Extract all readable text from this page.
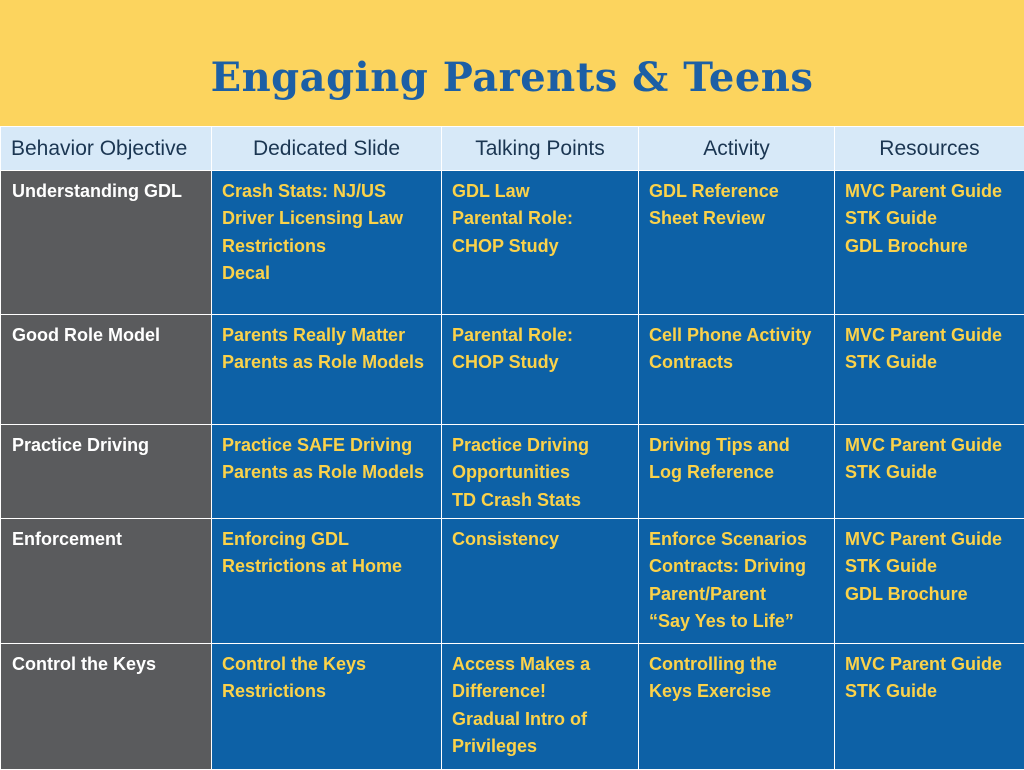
Engaging Parents & Teens
Behavior Objective	Dedicated Slide	Talking Points	Activity	Resources

Understanding GDL	Crash Stats: NJ/US
Driver Licensing Law
Restrictions
Decal	GDL Law
Parental Role:
CHOP Study	GDL Reference
Sheet Review	MVC Parent Guide
STK Guide
GDL Brochure

Good Role Model	Parents Really Matter
Parents as Role Models	Parental Role:
CHOP Study	Cell Phone Activity
Contracts	MVC Parent Guide
STK Guide

Practice Driving	Practice SAFE Driving
Parents as Role Models	Practice Driving
Opportunities
TD Crash Stats	Driving Tips and
Log Reference	MVC Parent Guide
STK Guide

Enforcement	Enforcing GDL
Restrictions at Home	Consistency	Enforce Scenarios
Contracts: Driving
Parent/Parent
“Say Yes to Life”	MVC Parent Guide
STK Guide
GDL Brochure

Control the Keys	Control the Keys
Restrictions	Access Makes a
Difference!
Gradual Intro of
Privileges	Controlling the
Keys Exercise	MVC Parent Guide
STK Guide
